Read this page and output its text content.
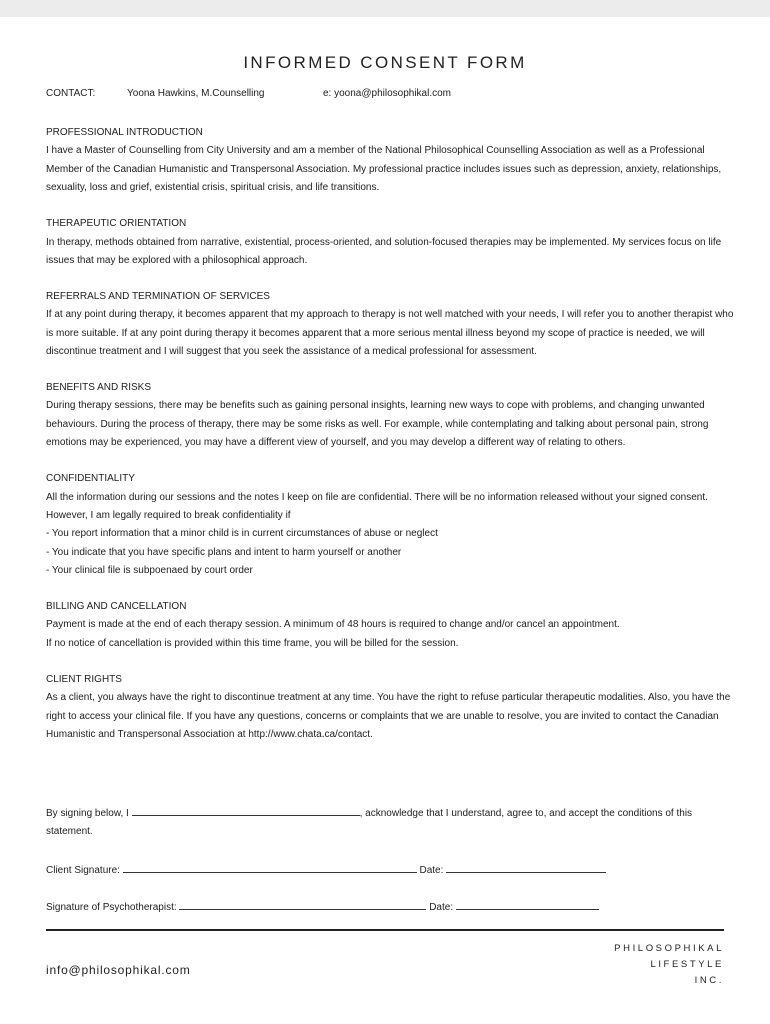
INFORMED CONSENT FORM
CONTACT:	Yoona Hawkins, M.Counselling	e: yoona@philosophikal.com
PROFESSIONAL INTRODUCTION

I have a Master of Counselling from City University and am a member of the National Philosophical Counselling Association as well as a Professional Member of the Canadian Humanistic and Transpersonal Association. My professional practice includes issues such as depression, anxiety, relationships, sexuality, loss and grief, existential crisis, spiritual crisis, and life transitions.

THERAPEUTIC ORIENTATION

In therapy, methods obtained from narrative, existential, process-oriented, and solution-focused therapies may be implemented. My services focus on life issues that may be explored with a philosophical approach.

REFERRALS AND TERMINATION OF SERVICES

If at any point during therapy, it becomes apparent that my approach to therapy is not well matched with your needs, I will refer you to another therapist who is more suitable. If at any point during therapy it becomes apparent that a more serious mental illness beyond my scope of practice is needed, we will discontinue treatment and I will suggest that you seek the assistance of a medical professional for assessment.

BENEFITS AND RISKS

During therapy sessions, there may be benefits such as gaining personal insights, learning new ways to cope with problems, and changing unwanted behaviours. During the process of therapy, there may be some risks as well. For example, while contemplating and talking about personal pain, strong emotions may be experienced, you may have a different view of yourself, and you may develop a different way of relating to others.

CONFIDENTIALITY

All the information during our sessions and the notes I keep on file are confidential. There will be no information released without your signed consent. However, I am legally required to break confidentiality if

- You report information that a minor child is in current circumstances of abuse or neglect
- You indicate that you have specific plans and intent to harm yourself or another
- Your clinical file is subpoenaed by court order
BILLING AND CANCELLATION

Payment is made at the end of each therapy session. A minimum of 48 hours is required to change and/or cancel an appointment.

If no notice of cancellation is provided within this time frame, you will be billed for the session.

CLIENT RIGHTS

As a client, you always have the right to discontinue treatment at any time. You have the right to refuse particular therapeutic modalities. Also, you have the right to access your clinical file. If you have any questions, concerns or complaints that we are unable to resolve, you are invited to contact the Canadian Humanistic and Transpersonal Association at http://www.chata.ca/contact.

By signing below, I	, acknowledge that I understand, agree to, and accept the conditions of this statement.
Client Signature:	Date:
Signature of Psychotherapist:	Date:
info@philosophikal.com
PHILOSOPHIKAL
LIFESTYLE
INC.
